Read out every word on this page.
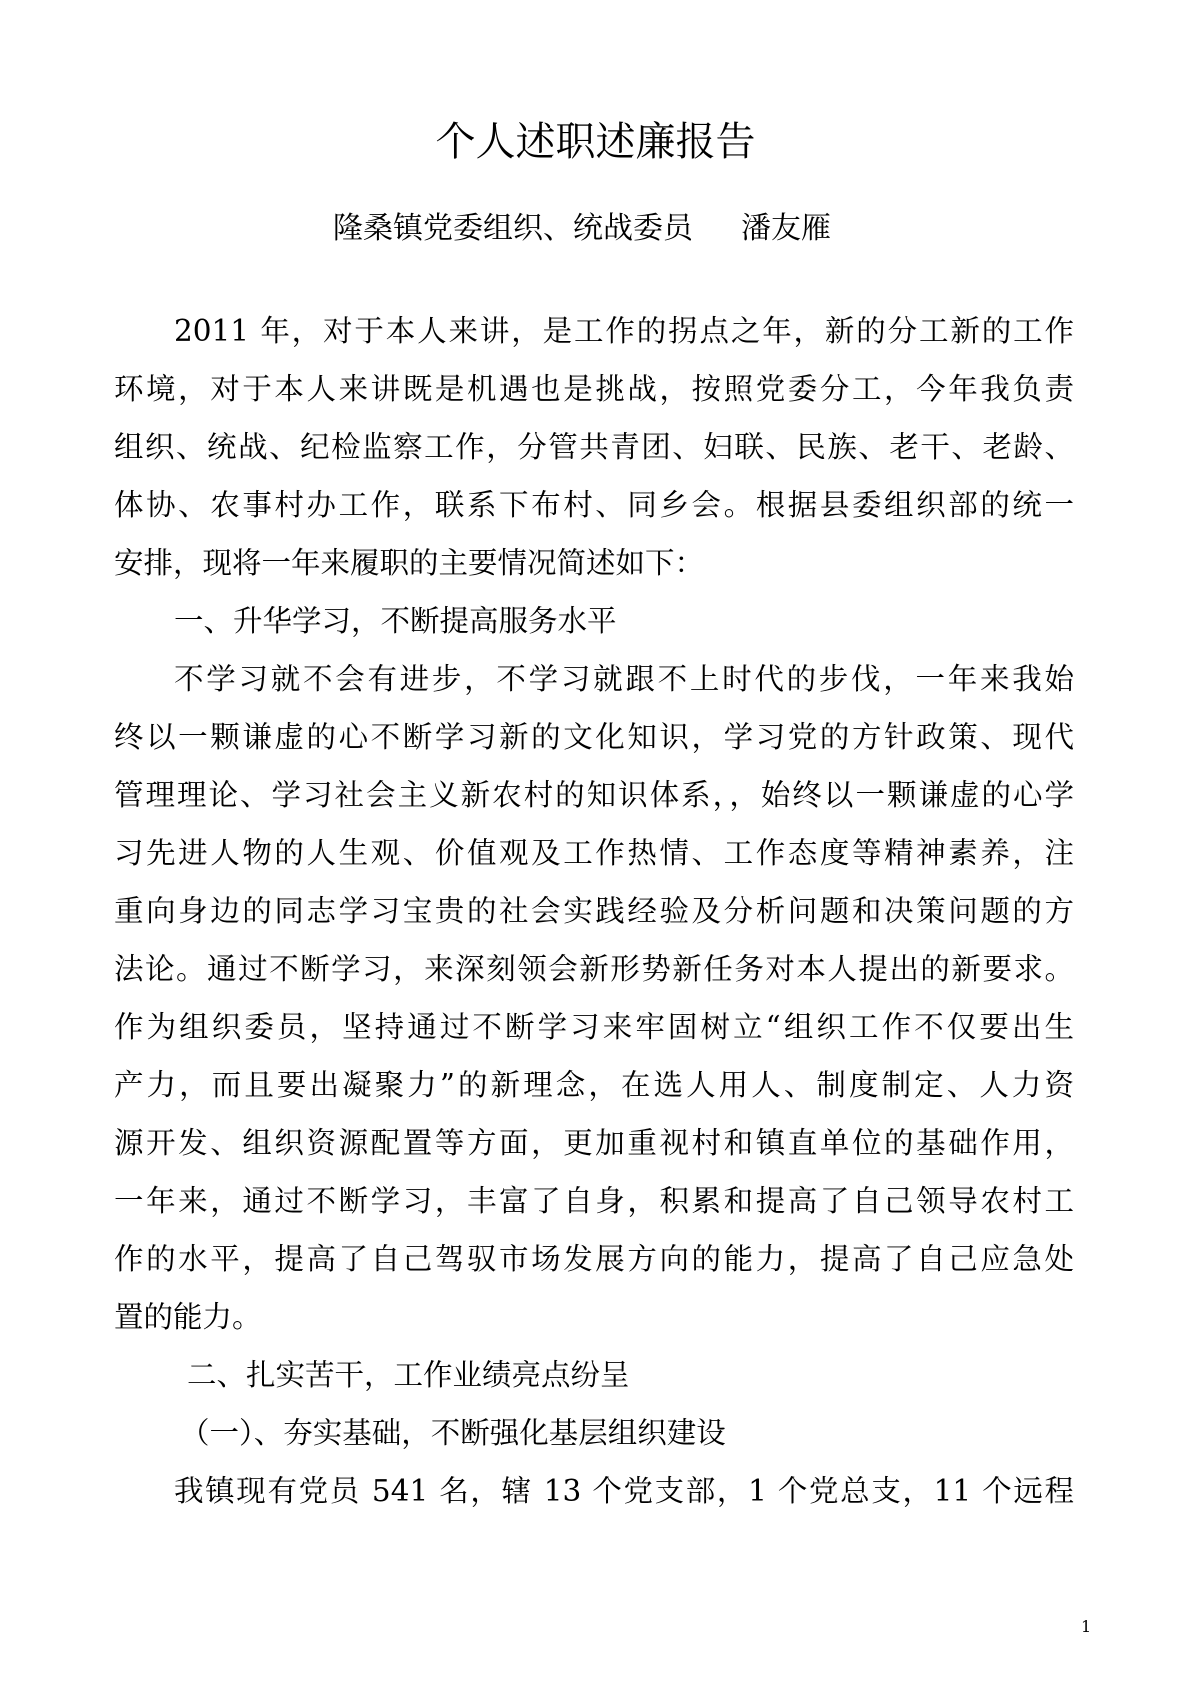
个人述职述廉报告
隆桑镇党委组织、统战委员 潘友雁
2011 年，对于本人来讲，是工作的拐点之年，新的分工新的工作
环境，对于本人来讲既是机遇也是挑战，按照党委分工，今年我负责
组织、统战、纪检监察工作，分管共青团、妇联、民族、老干、老龄、
体协、农事村办工作，联系下布村、同乡会。根据县委组织部的统一
安排，现将一年来履职的主要情况简述如下：
一、升华学习，不断提高服务水平
不学习就不会有进步，不学习就跟不上时代的步伐，一年来我始
终以一颗谦虚的心不断学习新的文化知识，学习党的方针政策、现代
管理理论、学习社会主义新农村的知识体系，，始终以一颗谦虚的心学
习先进人物的人生观、价值观及工作热情、工作态度等精神素养，注
重向身边的同志学习宝贵的社会实践经验及分析问题和决策问题的方
法论。通过不断学习，来深刻领会新形势新任务对本人提出的新要求。
作为组织委员，坚持通过不断学习来牢固树立“组织工作不仅要出生
产力，而且要出凝聚力”的新理念，在选人用人、制度制定、人力资
源开发、组织资源配置等方面，更加重视村和镇直单位的基础作用，
一年来，通过不断学习，丰富了自身，积累和提高了自己领导农村工
作的水平，提高了自己驾驭市场发展方向的能力，提高了自己应急处
置的能力。
二、扎实苦干，工作业绩亮点纷呈
（一）、夯实基础，不断强化基层组织建设
我镇现有党员 541 名，辖 13 个党支部，1 个党总支，11 个远程
1
